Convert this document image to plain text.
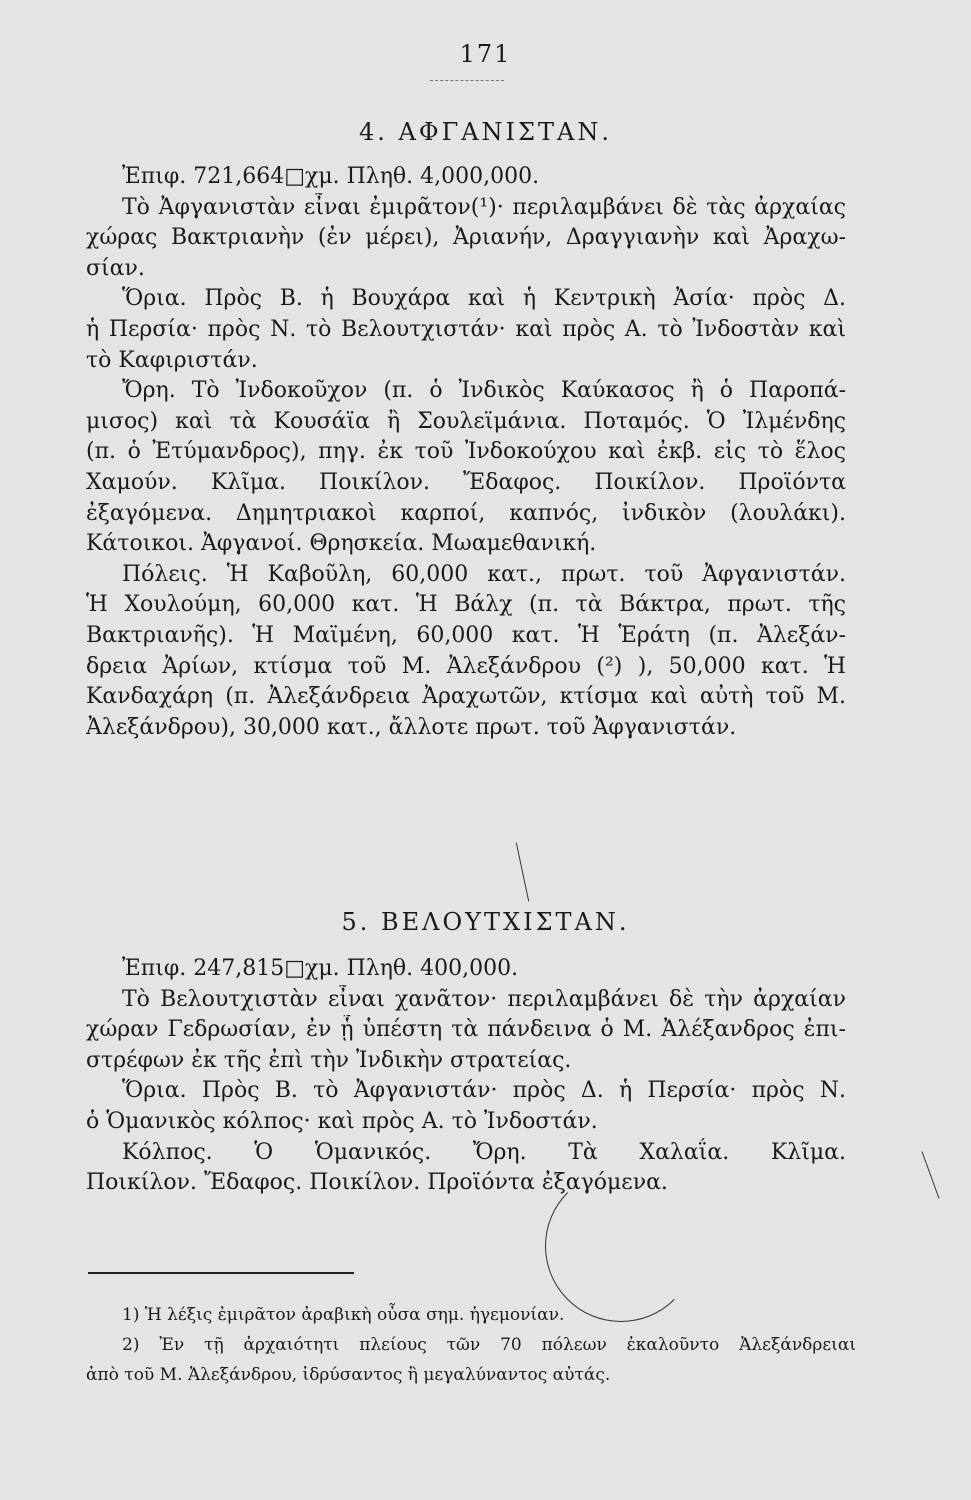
171
4. ΑΦΓΑΝΙΣΤΑΝ.
Ἐπιφ. 721,664□χμ. Πληθ. 4,000,000.
Τὸ Ἀφγανιστὰν εἶναι ἐμιρᾶτον(¹)· περιλαμβάνει δὲ τὰς ἀρχαίας
χώρας Βακτριανὴν (ἐν μέρει), Ἀριανήν, Δραγγιανὴν καὶ Ἀραχω-
σίαν.
Ὅρια. Πρὸς Β. ἡ Βουχάρα καὶ ἡ Κεντρικὴ Ἀσία· πρὸς Δ.
ἡ Περσία· πρὸς Ν. τὸ Βελουτχιστάν· καὶ πρὸς Α. τὸ Ἰνδοστὰν καὶ
τὸ Καφιριστάν.
Ὄρη. Τὸ Ἰνδοκοῦχον (π. ὁ Ἰνδικὸς Καύκασος ἢ ὁ Παροπά-
μισος) καὶ τὰ Κουσάϊα ἢ Σουλεϊμάνια. Ποταμός. Ὁ Ἰλμένδης
(π. ὁ Ἐτύμανδρος), πηγ. ἐκ τοῦ Ἰνδοκούχου καὶ ἐκβ. εἰς τὸ ἕλος
Χαμούν. Κλῖμα. Ποικίλον. Ἔδαφος. Ποικίλον. Προϊόντα
ἐξαγόμενα. Δημητριακοὶ καρποί, καπνός, ἰνδικὸν (λουλάκι).
Κάτοικοι. Ἀφγανοί. Θρησκεία. Μωαμεθανική.
Πόλεις. Ἡ Καβοῦλη, 60,000 κατ., πρωτ. τοῦ Ἀφγανιστάν.
Ἡ Χουλούμη, 60,000 κατ. Ἡ Βάλχ (π. τὰ Βάκτρα, πρωτ. τῆς
Βακτριανῆς). Ἡ Μαϊμένη, 60,000 κατ. Ἡ Ἑράτη (π. Ἀλεξάν-
δρεια Ἀρίων, κτίσμα τοῦ Μ. Ἀλεξάνδρου (²) ), 50,000 κατ. Ἡ
Κανδαχάρη (π. Ἀλεξάνδρεια Ἀραχωτῶν, κτίσμα καὶ αὐτὴ τοῦ Μ.
Ἀλεξάνδρου), 30,000 κατ., ἄλλοτε πρωτ. τοῦ Ἀφγανιστάν.
5. ΒΕΛΟΥΤΧΙΣΤΑΝ.
Ἐπιφ. 247,815□χμ. Πληθ. 400,000.
Τὸ Βελουτχιστὰν εἶναι χανᾶτον· περιλαμβάνει δὲ τὴν ἀρχαίαν
χώραν Γεδρωσίαν, ἐν ᾗ ὑπέστη τὰ πάνδεινα ὁ Μ. Ἀλέξανδρος ἐπι-
στρέφων ἐκ τῆς ἐπὶ τὴν Ἰνδικὴν στρατείας.
Ὅρια. Πρὸς Β. τὸ Ἀφγανιστάν· πρὸς Δ. ἡ Περσία· πρὸς Ν.
ὁ Ὁμανικὸς κόλπος· καὶ πρὸς Α. τὸ Ἰνδοστάν.
Κόλπος. Ὁ Ὁμανικός. Ὄρη. Τὰ Χαλαΐα. Κλῖμα.
Ποικίλον. Ἔδαφος. Ποικίλον. Προϊόντα ἐξαγόμενα.
1) Ἡ λέξις ἐμιρᾶτον ἀραβικὴ οὖσα σημ. ἡγεμονίαν.
2) Ἐν τῇ ἀρχαιότητι πλείους τῶν 70 πόλεων ἐκαλοῦντο Ἀλεξάνδρειαι
ἀπὸ τοῦ Μ. Ἀλεξάνδρου, ἱδρύσαντος ἢ μεγαλύναντος αὐτάς.
